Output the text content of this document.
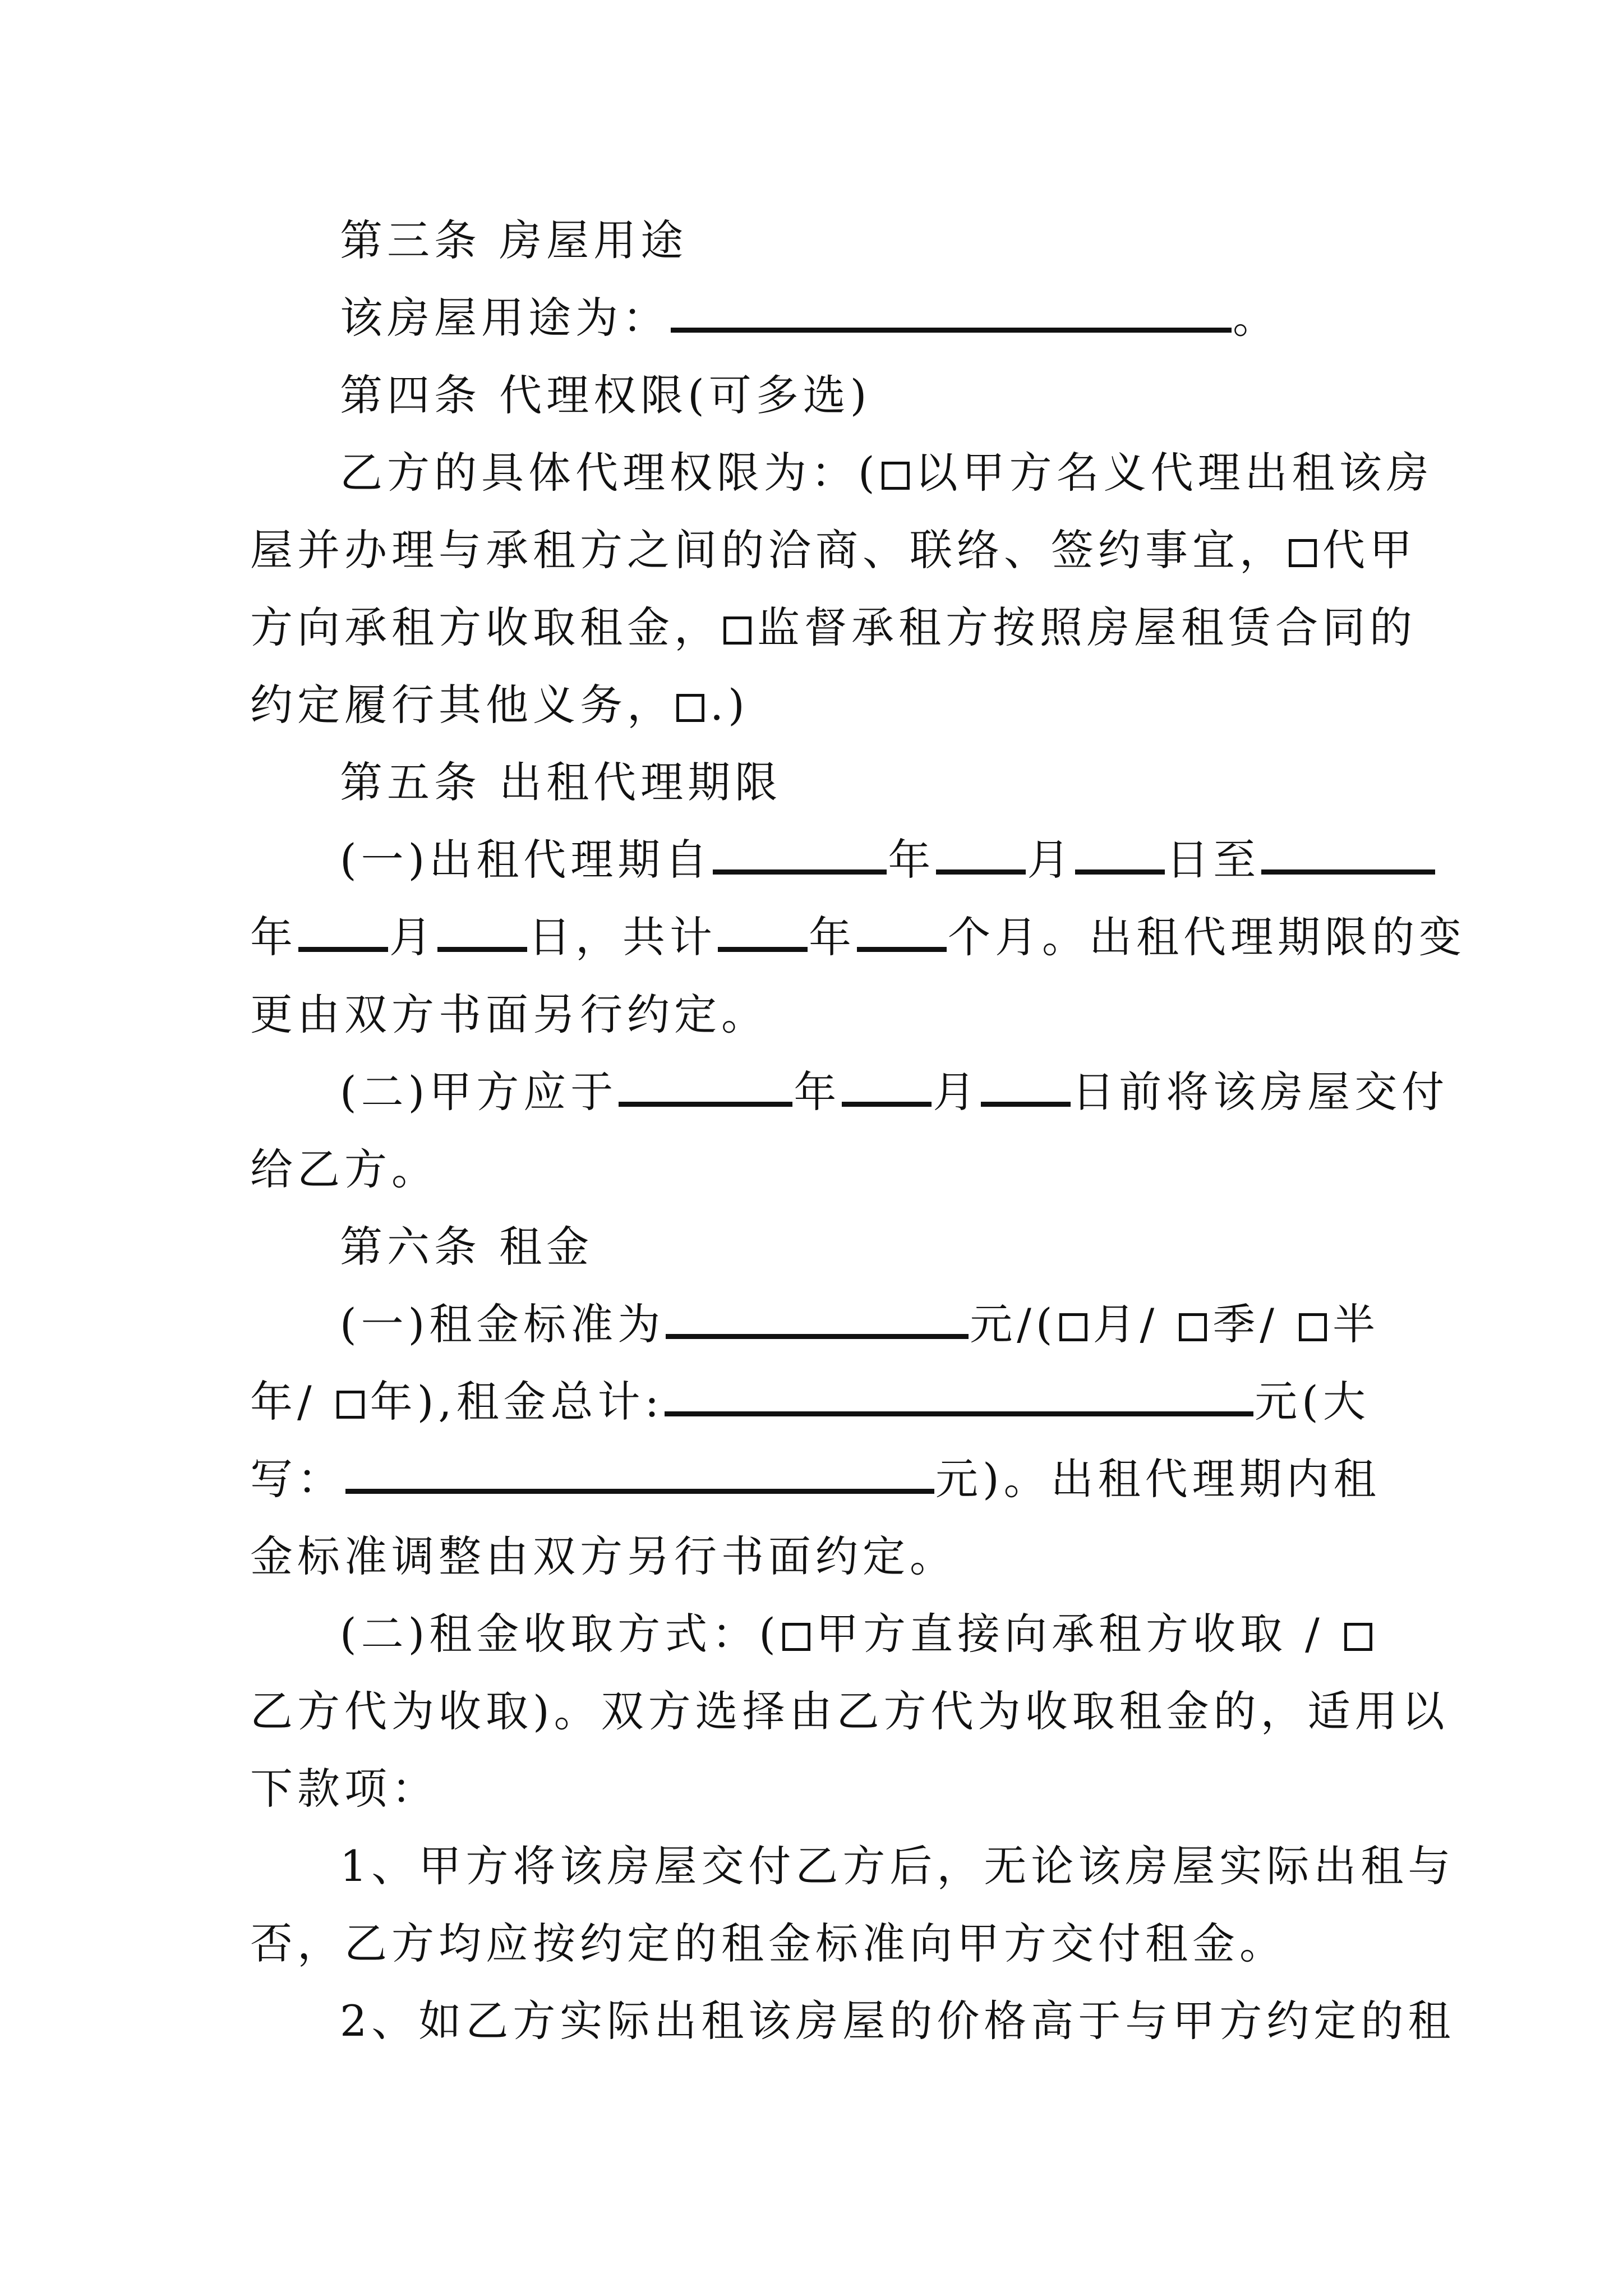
第三条 房屋用途
该房屋用途为：	。
第四条 代理权限(可多选)
乙方的具体代理权限为：( 以甲方名义代理出租该房
屋并办理与承租方之间的洽商、联络、签约事宜， 代甲
方向承租方收取租金， 监督承租方按照房屋租赁合同的
约定履行其他义务， .)
第五条 出租代理期限
(一)出租代理期自	年 月 日至
年 月 日，共计 年 个月。出租代理期限的变
更由双方书面另行约定。
(二)甲方应于	年 月 日前将该房屋交付
给乙方。
第六条 租金
(一)租金标准为	元/( 月/ 季/ 半
年/ 年),租金总计:	元(大
写：	元)。出租代理期内租
金标准调整由双方另行书面约定。
(二)租金收取方式：( 甲方直接向承租方收取 /
乙方代为收取)。双方选择由乙方代为收取租金的，适用以
下款项：
1、甲方将该房屋交付乙方后，无论该房屋实际出租与
否，乙方均应按约定的租金标准向甲方交付租金。
2、如乙方实际出租该房屋的价格高于与甲方约定的租
